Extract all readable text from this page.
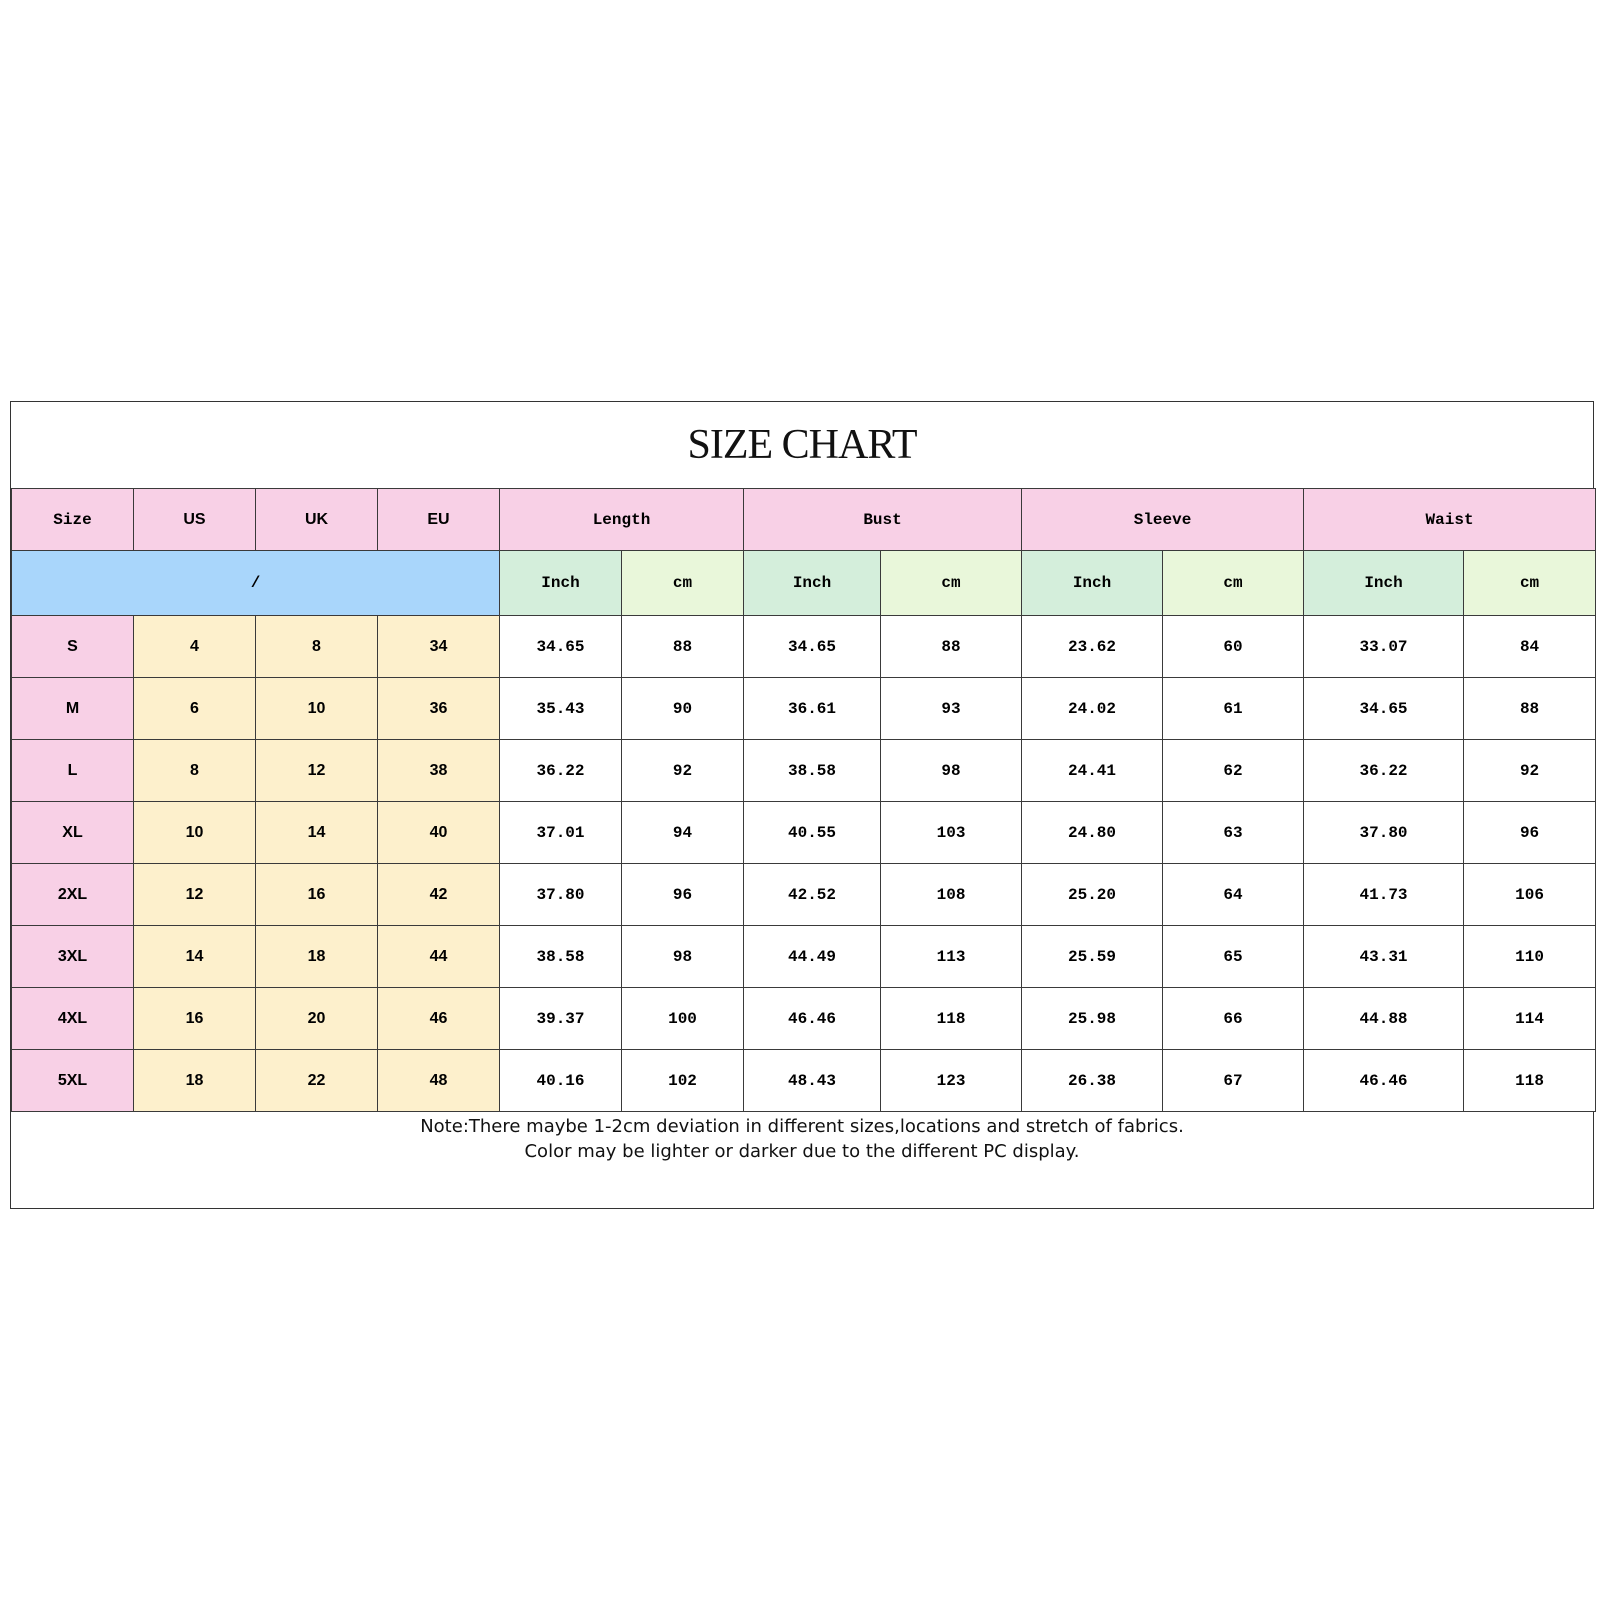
SIZE CHART
Size	US	UK	EU	Length		Bust		Sleeve		Waist	
/				Inch	cm	Inch	cm	Inch	cm	Inch	cm
S	4	8	34	34.65	88	34.65	88	23.62	60	33.07	84
M	6	10	36	35.43	90	36.61	93	24.02	61	34.65	88
L	8	12	38	36.22	92	38.58	98	24.41	62	36.22	92
XL	10	14	40	37.01	94	40.55	103	24.80	63	37.80	96
2XL	12	16	42	37.80	96	42.52	108	25.20	64	41.73	106
3XL	14	18	44	38.58	98	44.49	113	25.59	65	43.31	110
4XL	16	20	46	39.37	100	46.46	118	25.98	66	44.88	114
5XL	18	22	48	40.16	102	48.43	123	26.38	67	46.46	118
Note:There maybe 1-2cm deviation in different sizes,locations and stretch of fabrics.
Color may be lighter or darker due to the different PC display.
